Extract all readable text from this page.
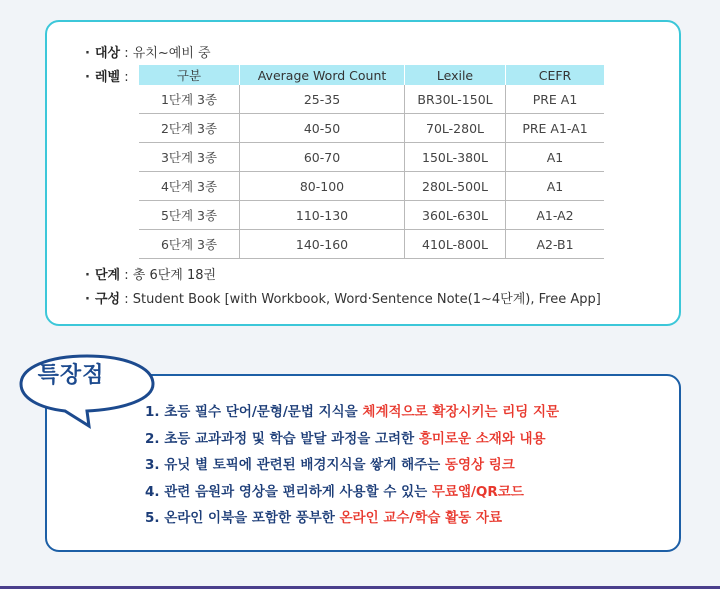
· 대상 : 유치~예비 중
· 레벨 :	구분	Average Word Count	Lexile	CEFR
1단계 3종	25-35	BR30L-150L	PRE A1
2단계 3종	40-50	70L-280L	PRE A1-A1
3단계 3종	60-70	150L-380L	A1
4단계 3종	80-100	280L-500L	A1
5단계 3종	110-130	360L-630L	A1-A2
6단계 3종	140-160	410L-800L	A2-B1
· 단계 : 총 6단계 18권
· 구성 : Student Book [with Workbook, Word·Sentence Note(1~4단계), Free App]
1. 초등 필수 단어/문형/문법 지식을 체계적으로 확장시키는 리딩 지문
2. 초등 교과과정 및 학습 발달 과정을 고려한 흥미로운 소재와 내용
3. 유닛 별 토픽에 관련된 배경지식을 쌓게 해주는 동영상 링크
4. 관련 음원과 영상을 편리하게 사용할 수 있는 무료앱/QR코드
5. 온라인 이북을 포함한 풍부한 온라인 교수/학습 활동 자료
특장점
